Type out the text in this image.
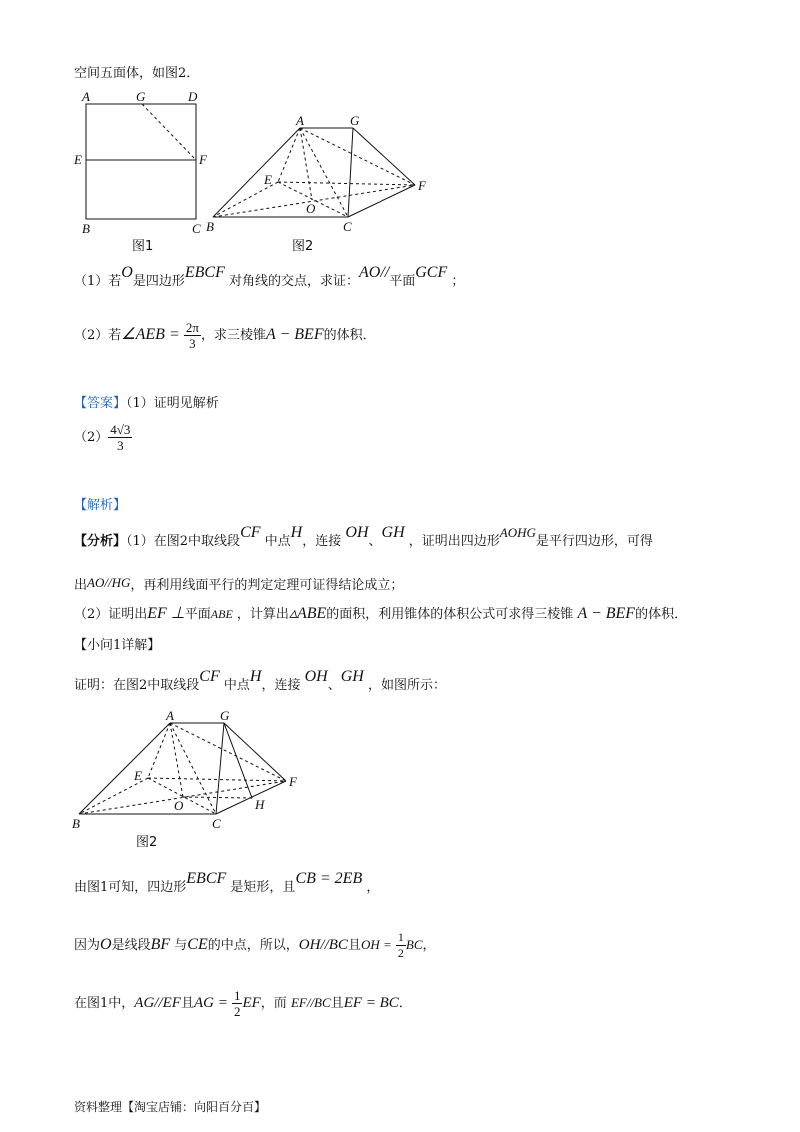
空间五面体，如图2．
A	G	D
E	F
B	C
图1
A	G
E	F
O
B	C
图2
（1）若O是四边形EBCF 对角线的交点，求证：AO//平面GCF ；
（2）若∠AEB = $\frac{2\pi}{3}$ ，求三棱锥A − BEF的体积．
【答案】（1）证明见解析
$(2) \frac{4√3}{3}$
【解析】
【分析】（1）在图2中取线段CF 中点H，连接 OH、GH ，证明出四边形AOHG是平行四边形，可得
出AO//HG，再利用线面平行的判定定理可证得结论成立；
（2）证明出EF ⊥平面ABE ，计算出▵ABE的面积，利用锥体的体积公式可求得三棱锥 A − BEF的体积．
【小问1详解】
证明：在图2中取线段CF 中点H，连接 OH、GH ，如图所示：
A	G
E	F
O	H
B	C
图2
由图1可知，四边形EBCF 是矩形，且CB = 2EB ，
因为O是线段BF 与CE的中点，所以，OH//BC且OH = $\frac{1}{2}$ BC，
在图1中，AG//EF且AG = $\frac{1}{2}$ EF，而 EF//BC且EF = BC．
资料整理【淘宝店铺：向阳百分百】
